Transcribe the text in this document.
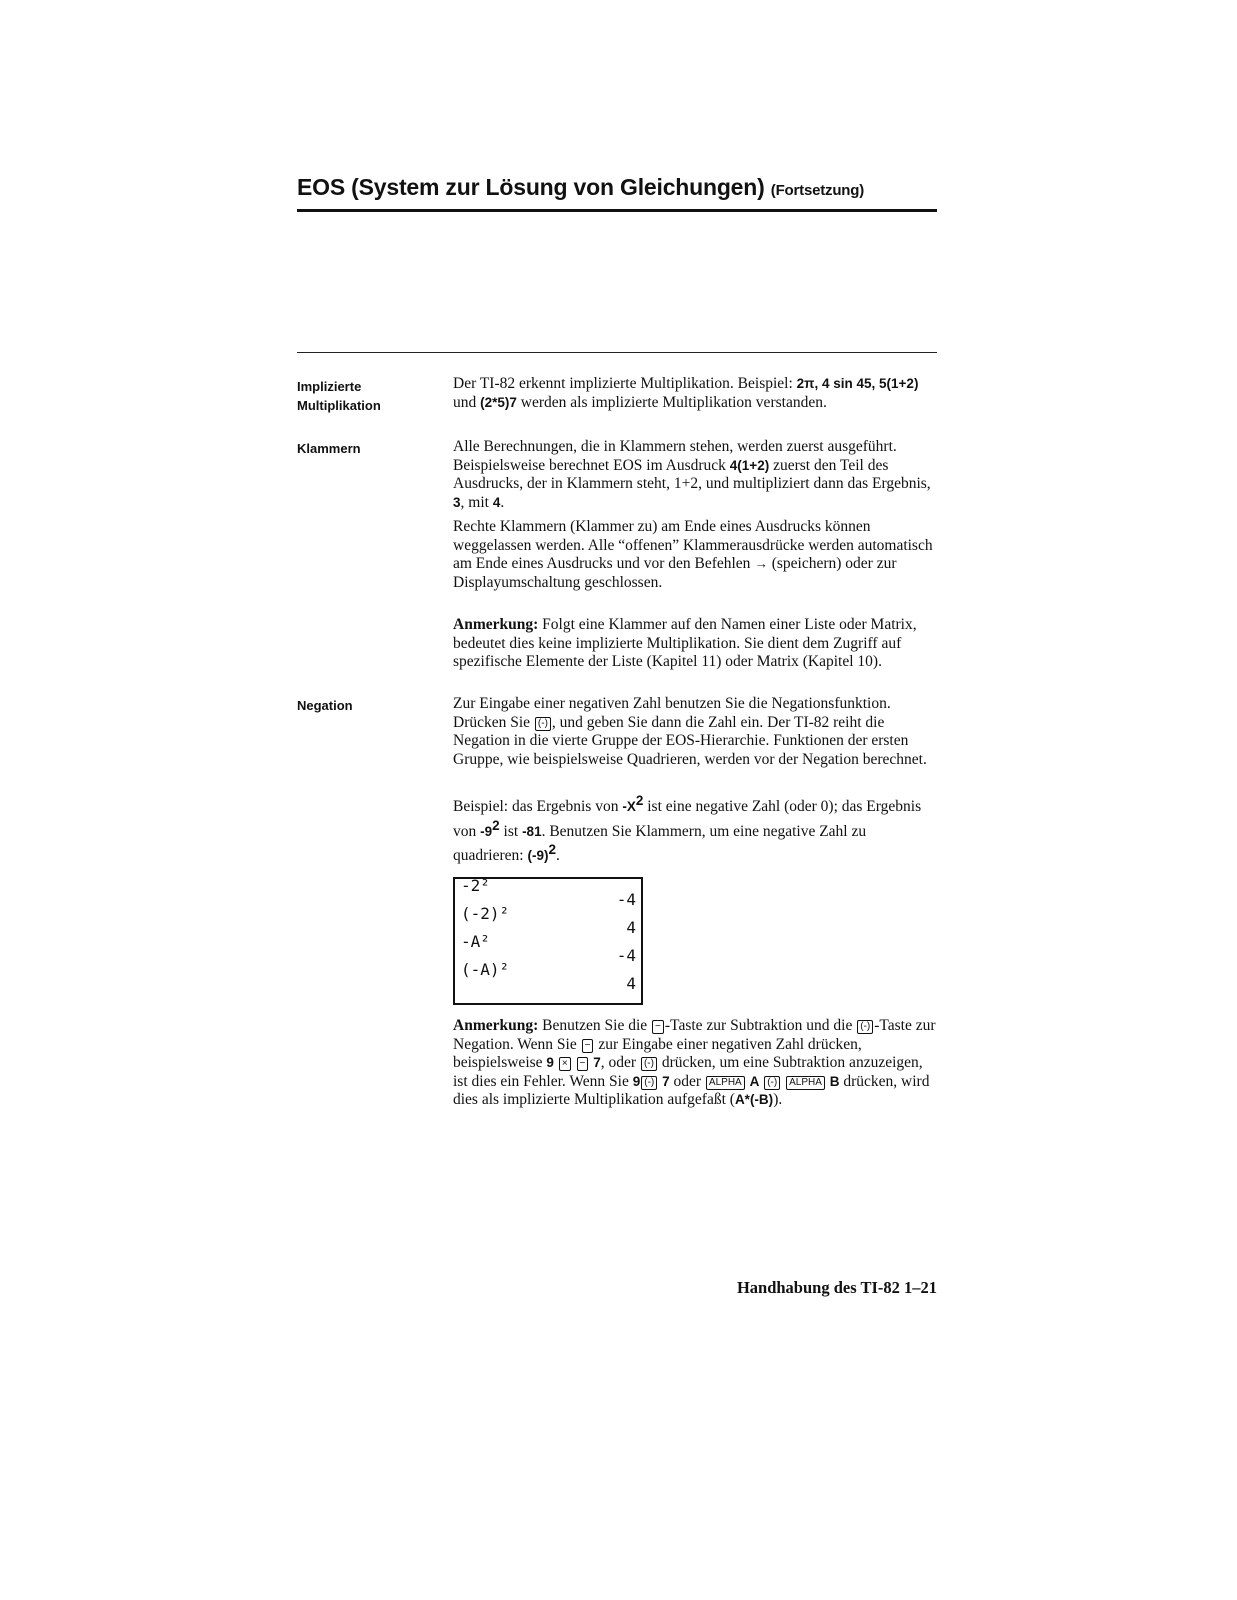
EOS (System zur Lösung von Gleichungen) (Fortsetzung)
Implizierte Multiplikation
Klammern
Negation

Der TI-82 erkennt implizierte Multiplikation. Beispiel: 2π, 4 sin 45, 5(1+2) und (2*5)7 werden als implizierte Multiplikation verstanden.

Alle Berechnungen, die in Klammern stehen, werden zuerst ausgeführt. Beispielsweise berechnet EOS im Ausdruck 4(1+2) zuerst den Teil des Ausdrucks, der in Klammern steht, 1+2, und multipliziert dann das Ergebnis, 3, mit 4.

Rechte Klammern (Klammer zu) am Ende eines Ausdrucks können weggelassen werden. Alle “offenen” Klammerausdrücke werden automatisch am Ende eines Ausdrucks und vor den Befehlen → (speichern) oder zur Displayumschaltung geschlossen.

Anmerkung: Folgt eine Klammer auf den Namen einer Liste oder Matrix, bedeutet dies keine implizierte Multiplikation. Sie dient dem Zugriff auf spezifische Elemente der Liste (Kapitel 11) oder Matrix (Kapitel 10).

Zur Eingabe einer negativen Zahl benutzen Sie die Negationsfunktion. Drücken Sie (-) , und geben Sie dann die Zahl ein. Der TI-82 reiht die Negation in die vierte Gruppe der EOS-Hierarchie. Funktionen der ersten Gruppe, wie beispielsweise Quadrieren, werden vor der Negation berechnet.

Beispiel: das Ergebnis von $-X^2$ ist eine negative Zahl (oder 0); das Ergebnis von $-9^2$ ist -81. Benutzen Sie Klammern, um eine negative Zahl zu quadrieren: $(-9)^2$.

-2²
-4
(-2)²
4
-A²
-4
(-A)²
4

Anmerkung: Benutzen Sie die − -Taste zur Subtraktion und die (-) -Taste zur Negation. Wenn Sie − zur Eingabe einer negativen Zahl drücken, beispielsweise 9 × − 7, oder (-) drücken, um eine Subtraktion anzuzeigen, ist dies ein Fehler. Wenn Sie 9 (-) 7 oder ALPHA A (-) ALPHA B drücken, wird dies als implizierte Multiplikation aufgefaßt (A*(-B)).

Handhabung des TI-82 1–21
